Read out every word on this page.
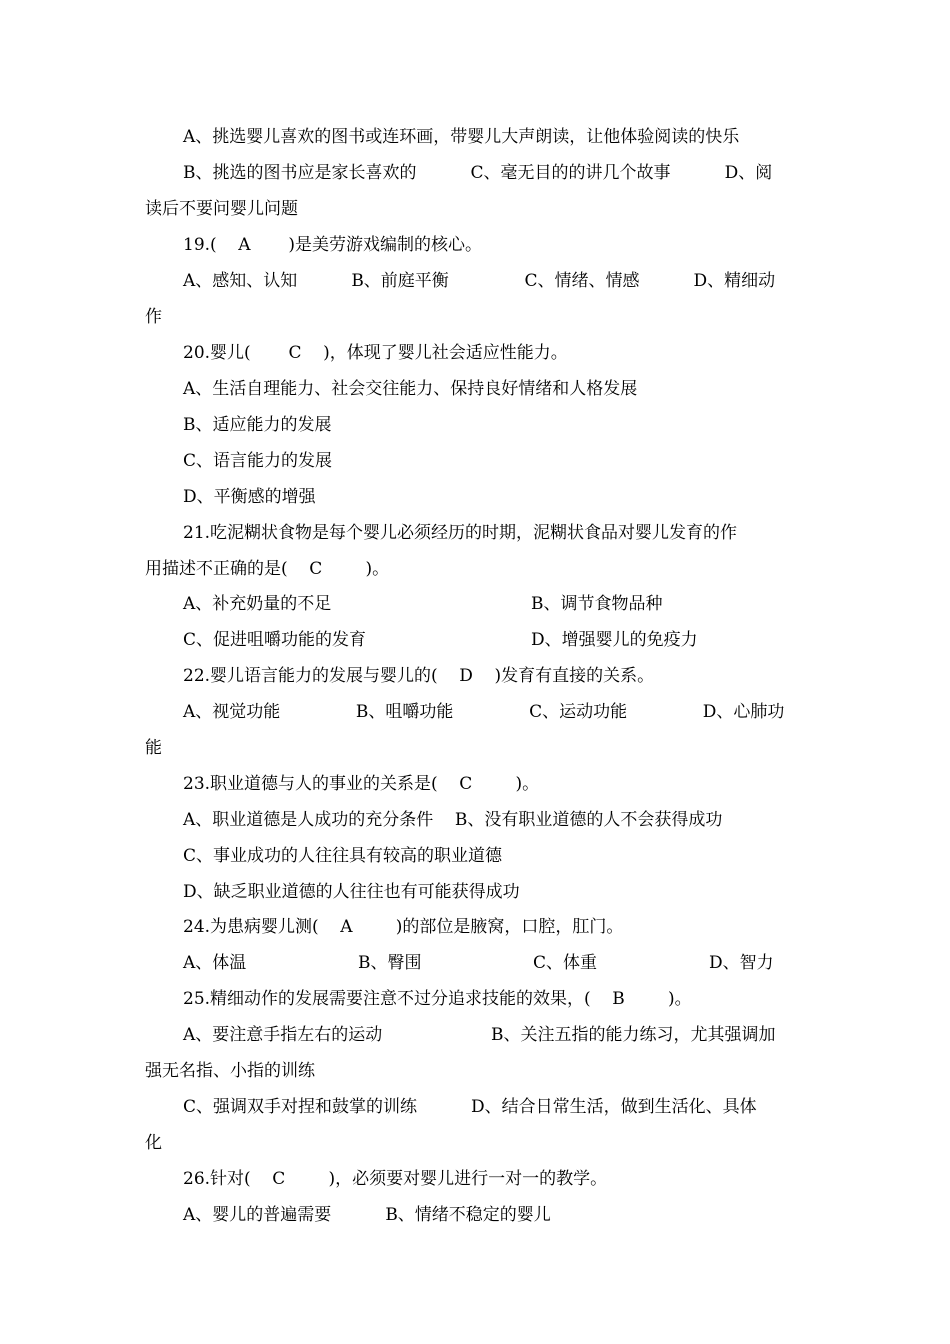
A、挑选婴儿喜欢的图书或连环画，带婴儿大声朗读，让他体验阅读的快乐

B、挑选的图书应是家长喜欢的          C、毫无目的的讲几个故事          D、阅

读后不要问婴儿问题

19.(    A       )是美劳游戏编制的核心。

A、感知、认知          B、前庭平衡              C、情绪、情感          D、精细动

作

20.婴儿(       C    )，体现了婴儿社会适应性能力。

A、生活自理能力、社会交往能力、保持良好情绪和人格发展

B、适应能力的发展

C、语言能力的发展

D、平衡感的增强

21.吃泥糊状食物是每个婴儿必须经历的时期，泥糊状食品对婴儿发育的作

用描述不正确的是(    C        )。

A、补充奶量的不足	B、调节食物品种

C、促进咀嚼功能的发育	D、增强婴儿的免疫力

22.婴儿语言能力的发展与婴儿的(    D    )发育有直接的关系。

A、视觉功能              B、咀嚼功能              C、运动功能              D、心肺功

能

23.职业道德与人的事业的关系是(    C        )。

A、职业道德是人成功的充分条件    B、没有职业道德的人不会获得成功

C、事业成功的人往往具有较高的职业道德

D、缺乏职业道德的人往往也有可能获得成功

24.为患病婴儿测(    A        )的部位是腋窝，口腔，肛门。

A、体温	B、臀围	C、体重	D、智力

25.精细动作的发展需要注意不过分追求技能的效果，(    B        )。

A、要注意手指左右的运动	B、关注五指的能力练习，尤其强调加

强无名指、小指的训练

C、强调双手对捏和鼓掌的训练          D、结合日常生活，做到生活化、具体

化

26.针对(    C        )，必须要对婴儿进行一对一的教学。

A、婴儿的普遍需要          B、情绪不稳定的婴儿
